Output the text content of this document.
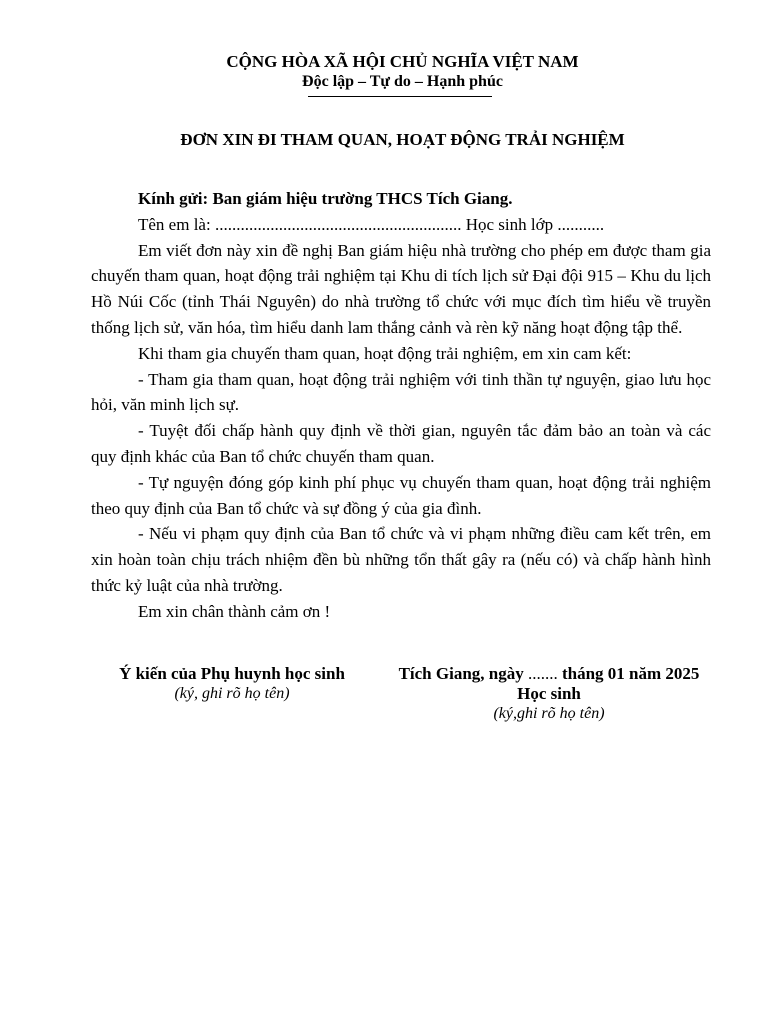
CỘNG HÒA XÃ HỘI CHỦ NGHĨA VIỆT NAM
Độc lập – Tự do – Hạnh phúc
ĐƠN XIN ĐI THAM QUAN, HOẠT ĐỘNG TRẢI NGHIỆM

Kính gửi: Ban giám hiệu trường THCS Tích Giang.

Tên em là: .......................................................... Học sinh lớp ...........

Em viết đơn này xin đề nghị Ban giám hiệu nhà trường cho phép em được tham gia chuyến tham quan, hoạt động trải nghiệm tại Khu di tích lịch sử Đại đội 915 – Khu du lịch Hồ Núi Cốc (tỉnh Thái Nguyên) do nhà trường tổ chức với mục đích tìm hiểu về truyền thống lịch sử, văn hóa, tìm hiểu danh lam thắng cảnh và rèn kỹ năng hoạt động tập thể.

Khi tham gia chuyến tham quan, hoạt động trải nghiệm, em xin cam kết:

- Tham gia tham quan, hoạt động trải nghiệm với tinh thần tự nguyện, giao lưu học hỏi, văn minh lịch sự.

- Tuyệt đối chấp hành quy định về thời gian, nguyên tắc đảm bảo an toàn và các quy định khác của Ban tổ chức chuyến tham quan.

- Tự nguyện đóng góp kinh phí phục vụ chuyến tham quan, hoạt động trải nghiệm theo quy định của Ban tổ chức và sự đồng ý của gia đình.

- Nếu vi phạm quy định của Ban tổ chức và vi phạm những điều cam kết trên, em xin hoàn toàn chịu trách nhiệm đền bù những tổn thất gây ra (nếu có) và chấp hành hình thức kỷ luật của nhà trường.

Em xin chân thành cảm ơn !

Ý kiến của Phụ huynh học sinh
(ký, ghi rõ họ tên)
Tích Giang, ngày ....... tháng 01 năm 2025
Học sinh
(ký,ghi rõ họ tên)
